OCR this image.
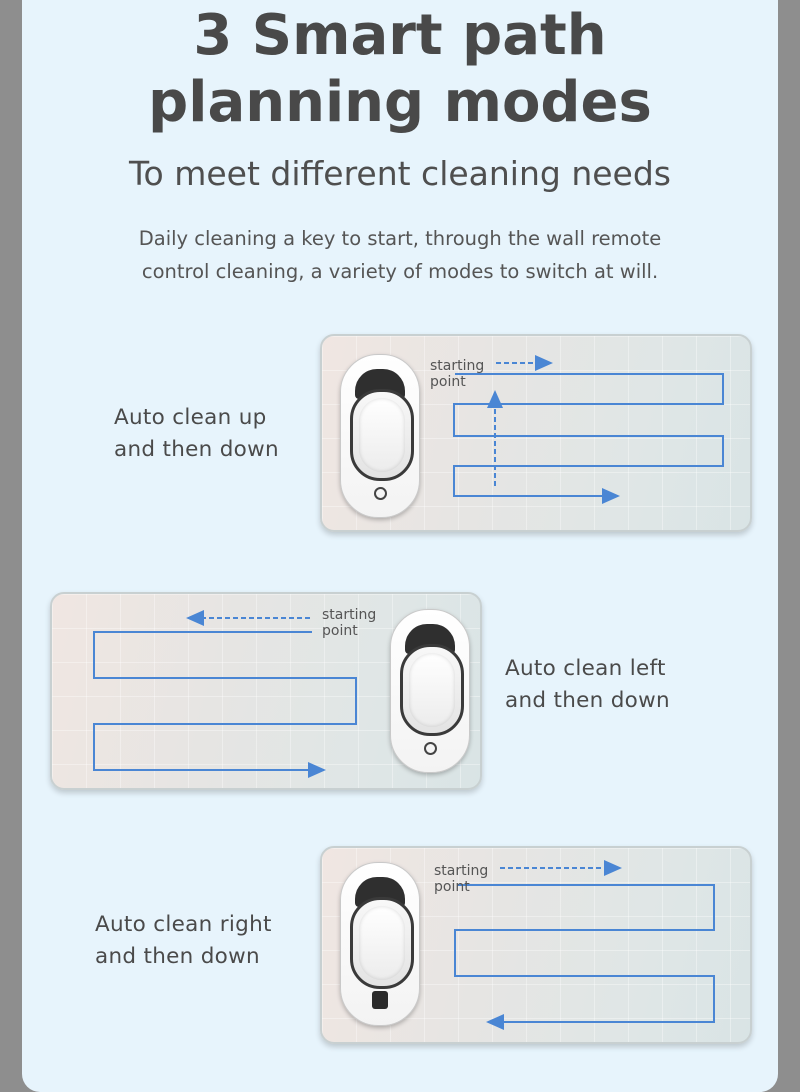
3 Smart path
planning modes
To meet different cleaning needs
Daily cleaning a key to start, through the wall remote
control cleaning, a variety of modes to switch at will.
Auto clean up
and then down
starting
point
starting
point
Auto clean left
and then down
Auto clean right
and then down
starting
point
